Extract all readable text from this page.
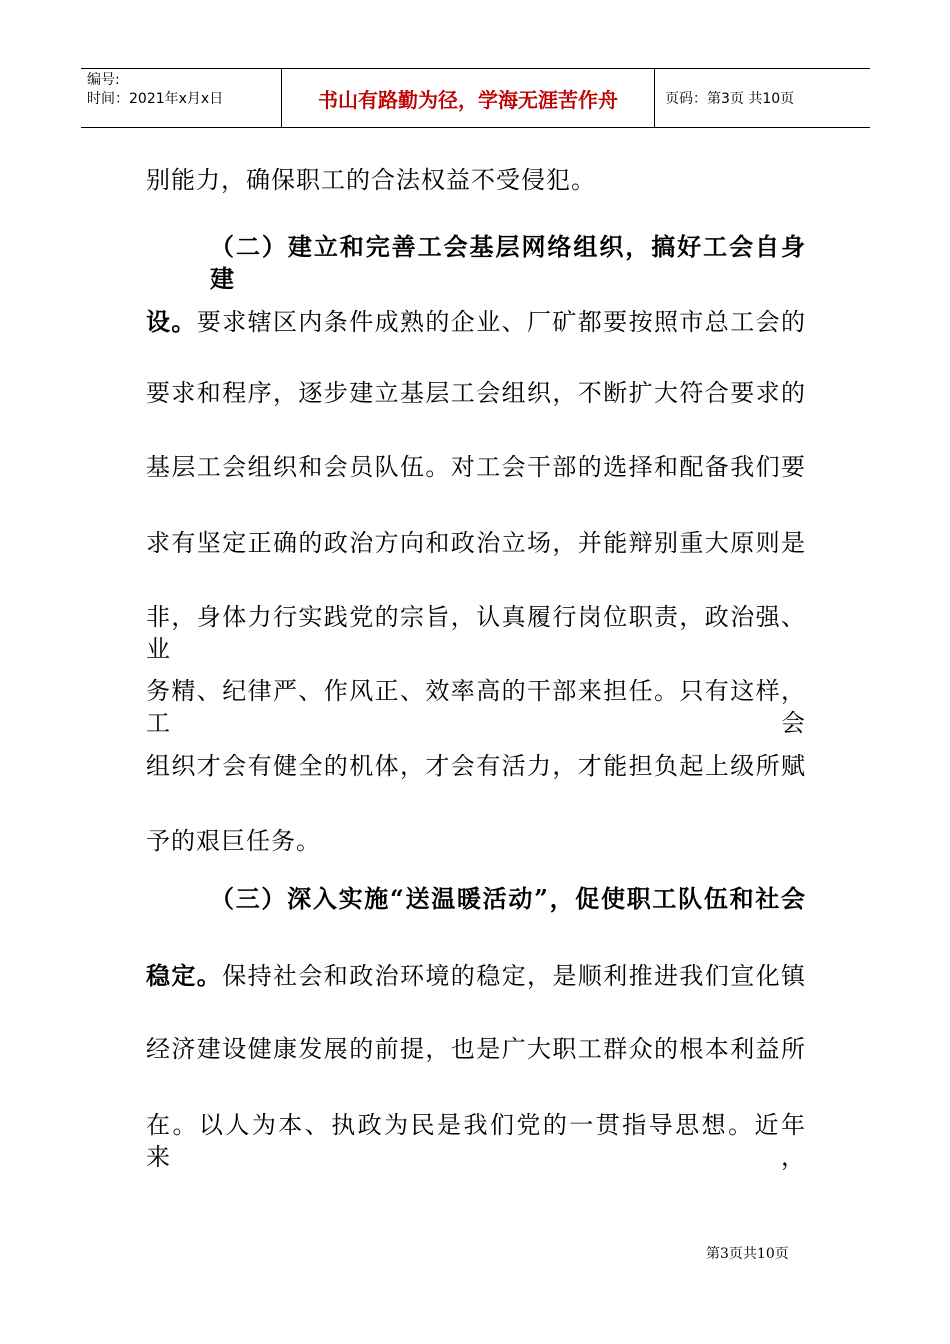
编号:
时间：2021年x月x日	书山有路勤为径，学海无涯苦作舟	页码：第3页 共10页
别能力，确保职工的合法权益不受侵犯。
（二）建立和完善工会基层网络组织，搞好工会自身建
设。要求辖区内条件成熟的企业、厂矿都要按照市总工会的
要求和程序，逐步建立基层工会组织，不断扩大符合要求的
基层工会组织和会员队伍。对工会干部的选择和配备我们要
求有坚定正确的政治方向和政治立场，并能辩别重大原则是
非，身体力行实践党的宗旨，认真履行岗位职责，政治强、业
务精、纪律严、作风正、效率高的干部来担任。只有这样，工会
组织才会有健全的机体，才会有活力，才能担负起上级所赋
予的艰巨任务。
（三）深入实施“送温暖活动”，促使职工队伍和社会
稳定。保持社会和政治环境的稳定，是顺利推进我们宣化镇
经济建设健康发展的前提，也是广大职工群众的根本利益所
在。以人为本、执政为民是我们党的一贯指导思想。近年来，
第3页共10页
